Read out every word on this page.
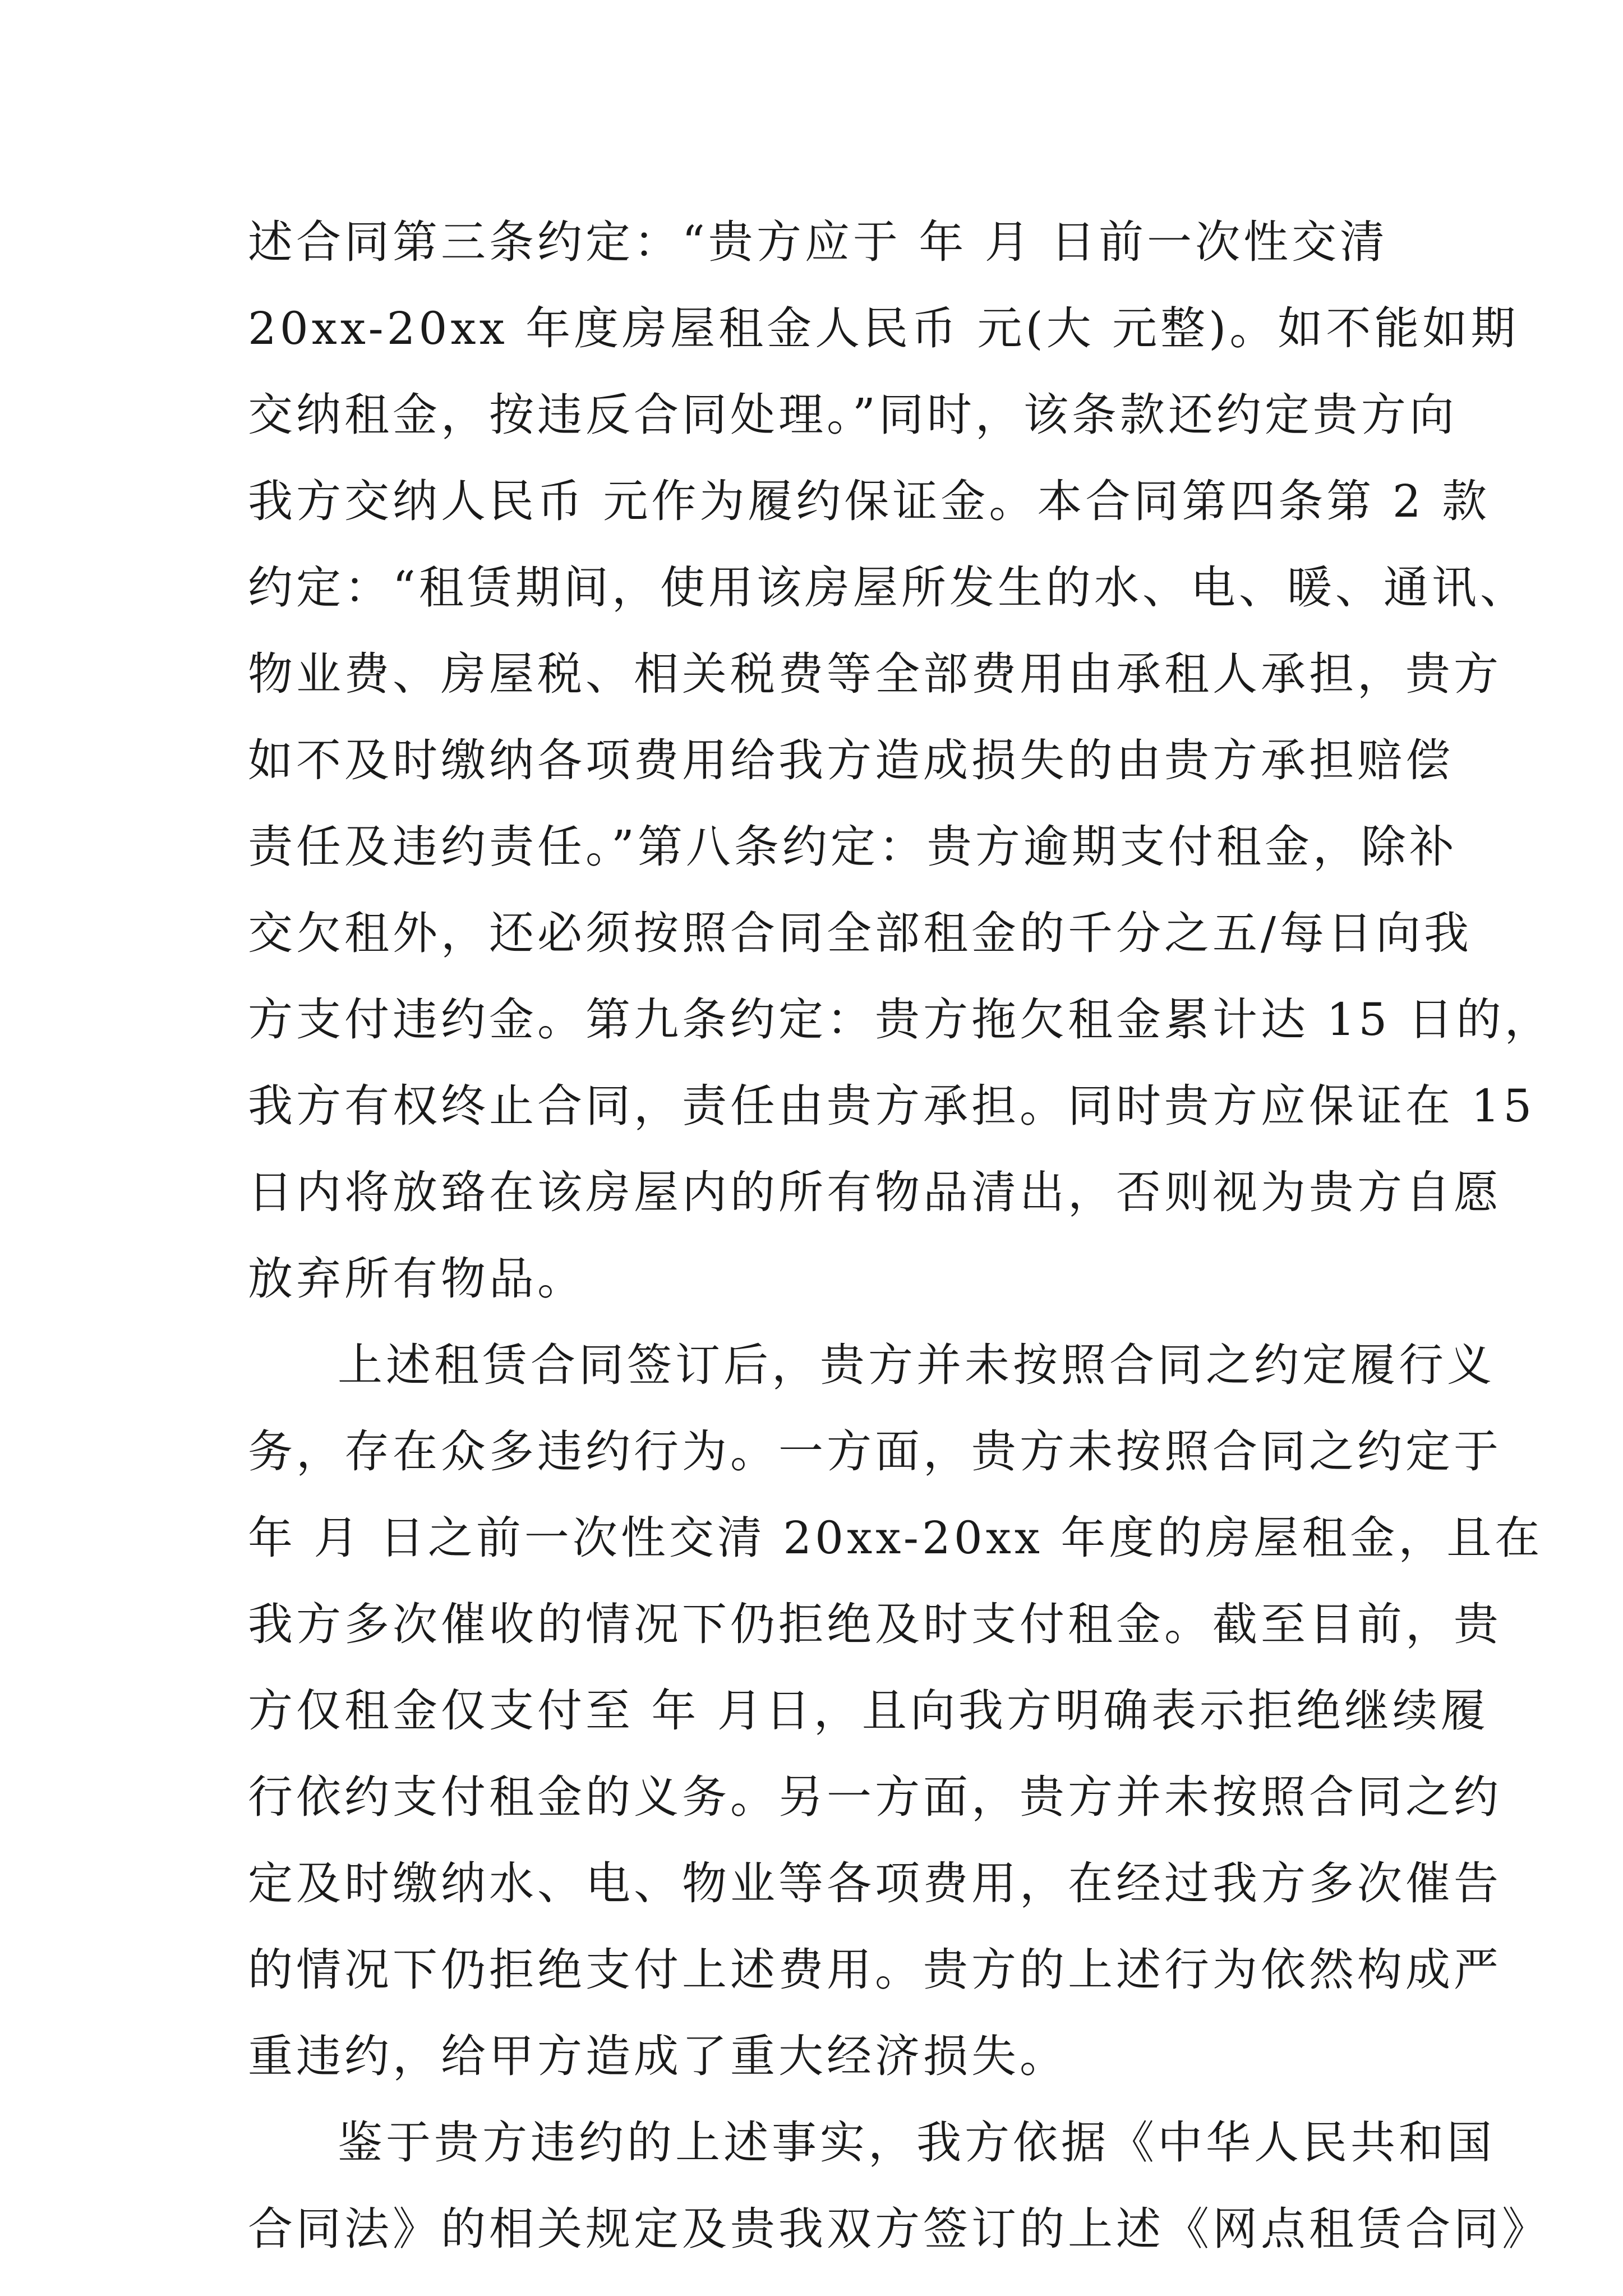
述合同第三条约定：“贵方应于 年 月 日前一次性交清
20xx-20xx 年度房屋租金人民币 元(大 元整)。如不能如期
交纳租金，按违反合同处理。”同时，该条款还约定贵方向
我方交纳人民币 元作为履约保证金。本合同第四条第 2 款
约定：“租赁期间，使用该房屋所发生的水、电、暖、通讯、
物业费、房屋税、相关税费等全部费用由承租人承担，贵方
如不及时缴纳各项费用给我方造成损失的由贵方承担赔偿
责任及违约责任。”第八条约定：贵方逾期支付租金，除补
交欠租外，还必须按照合同全部租金的千分之五/每日向我
方支付违约金。第九条约定：贵方拖欠租金累计达 15 日的，
我方有权终止合同，责任由贵方承担。同时贵方应保证在 15
日内将放臵在该房屋内的所有物品清出，否则视为贵方自愿
放弃所有物品。
上述租赁合同签订后，贵方并未按照合同之约定履行义
务，存在众多违约行为。一方面，贵方未按照合同之约定于
年 月 日之前一次性交清 20xx-20xx 年度的房屋租金，且在
我方多次催收的情况下仍拒绝及时支付租金。截至目前，贵
方仅租金仅支付至 年 月日，且向我方明确表示拒绝继续履
行依约支付租金的义务。另一方面，贵方并未按照合同之约
定及时缴纳水、电、物业等各项费用，在经过我方多次催告
的情况下仍拒绝支付上述费用。贵方的上述行为依然构成严
重违约，给甲方造成了重大经济损失。
鉴于贵方违约的上述事实，我方依据《中华人民共和国
合同法》的相关规定及贵我双方签订的上述《网点租赁合同》
